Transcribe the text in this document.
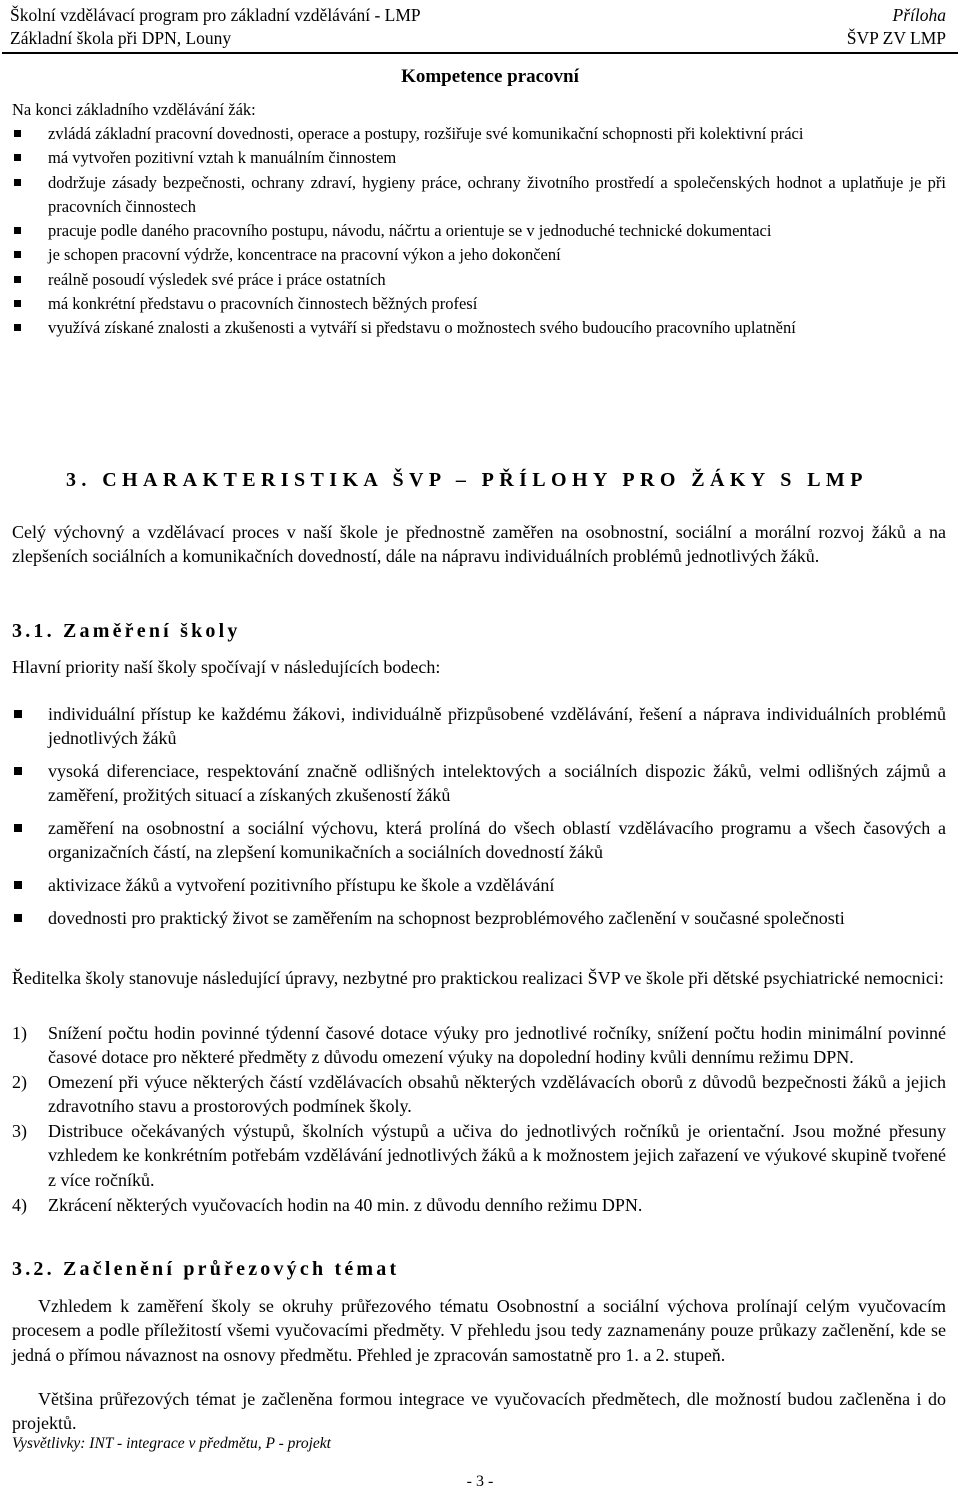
Školní vzdělávací program pro základní vzdělávání - LMP	Příloha
Základní škola při DPN, Louny	ŠVP ZV LMP
Kompetence pracovní
Na konci základního vzdělávání žák:
zvládá základní pracovní dovednosti, operace a postupy, rozšiřuje své komunikační schopnosti při kolektivní práci
má vytvořen pozitivní vztah k manuálním činnostem
dodržuje zásady bezpečnosti, ochrany zdraví, hygieny práce, ochrany životního prostředí a společenských hodnot a uplatňuje je při pracovních činnostech
pracuje podle daného pracovního postupu, návodu, náčrtu a orientuje se v jednoduché technické dokumentaci
je schopen pracovní výdrže, koncentrace na pracovní výkon a jeho dokončení
reálně posoudí výsledek své práce i práce ostatních
má konkrétní představu o pracovních činnostech běžných profesí
využívá získané znalosti a zkušenosti a vytváří si představu o možnostech svého budoucího pracovního uplatnění
3. CHARAKTERISTIKA ŠVP – PŘÍLOHY PRO ŽÁKY S LMP
Celý výchovný a vzdělávací proces v naší škole je přednostně zaměřen na osobnostní, sociální a morální rozvoj žáků a na zlepšeních sociálních a komunikačních dovedností, dále na nápravu individuálních problémů jednotlivých žáků.
3.1. Zaměření školy
Hlavní priority naší školy spočívají v následujících bodech:
individuální přístup ke každému žákovi, individuálně přizpůsobené vzdělávání, řešení a náprava individuálních problémů jednotlivých žáků
vysoká diferenciace, respektování značně odlišných intelektových a sociálních dispozic žáků, velmi odlišných zájmů a zaměření, prožitých situací a získaných zkušeností žáků
zaměření na osobnostní a sociální výchovu, která prolíná do všech oblastí vzdělávacího programu a všech časových a organizačních částí, na zlepšení komunikačních a sociálních dovedností žáků
aktivizace žáků a vytvoření pozitivního přístupu ke škole a vzdělávání
dovednosti pro praktický život se zaměřením na schopnost bezproblémového začlenění v současné společnosti
Ředitelka školy stanovuje následující úpravy, nezbytné pro praktickou realizaci ŠVP ve škole při dětské psychiatrické nemocnici:
1) Snížení počtu hodin povinné týdenní časové dotace výuky pro jednotlivé ročníky, snížení počtu hodin minimální povinné časové dotace pro některé předměty z důvodu omezení výuky na dopolední hodiny kvůli dennímu režimu DPN.
2) Omezení při výuce některých částí vzdělávacích obsahů některých vzdělávacích oborů z důvodů bezpečnosti žáků a jejich zdravotního stavu a prostorových podmínek školy.
3) Distribuce očekávaných výstupů, školních výstupů a učiva do jednotlivých ročníků je orientační. Jsou možné přesuny vzhledem ke konkrétním potřebám vzdělávání jednotlivých žáků a k možnostem jejich zařazení ve výukové skupině tvořené z více ročníků.
4) Zkrácení některých vyučovacích hodin na 40 min. z důvodu denního režimu DPN.
3.2. Začlenění průřezových témat
Vzhledem k zaměření školy se okruhy průřezového tématu Osobnostní a sociální výchova prolínají celým vyučovacím procesem a podle příležitostí všemi vyučovacími předměty. V přehledu jsou tedy zaznamenány pouze průkazy začlenění, kde se jedná o přímou návaznost na osnovy předmětu. Přehled je zpracován samostatně pro 1. a 2. stupeň.
Většina průřezových témat je začleněna formou integrace ve vyučovacích předmětech, dle možností budou začleněna i do projektů.
Vysvětlivky: INT - integrace v předmětu, P - projekt
- 3 -
